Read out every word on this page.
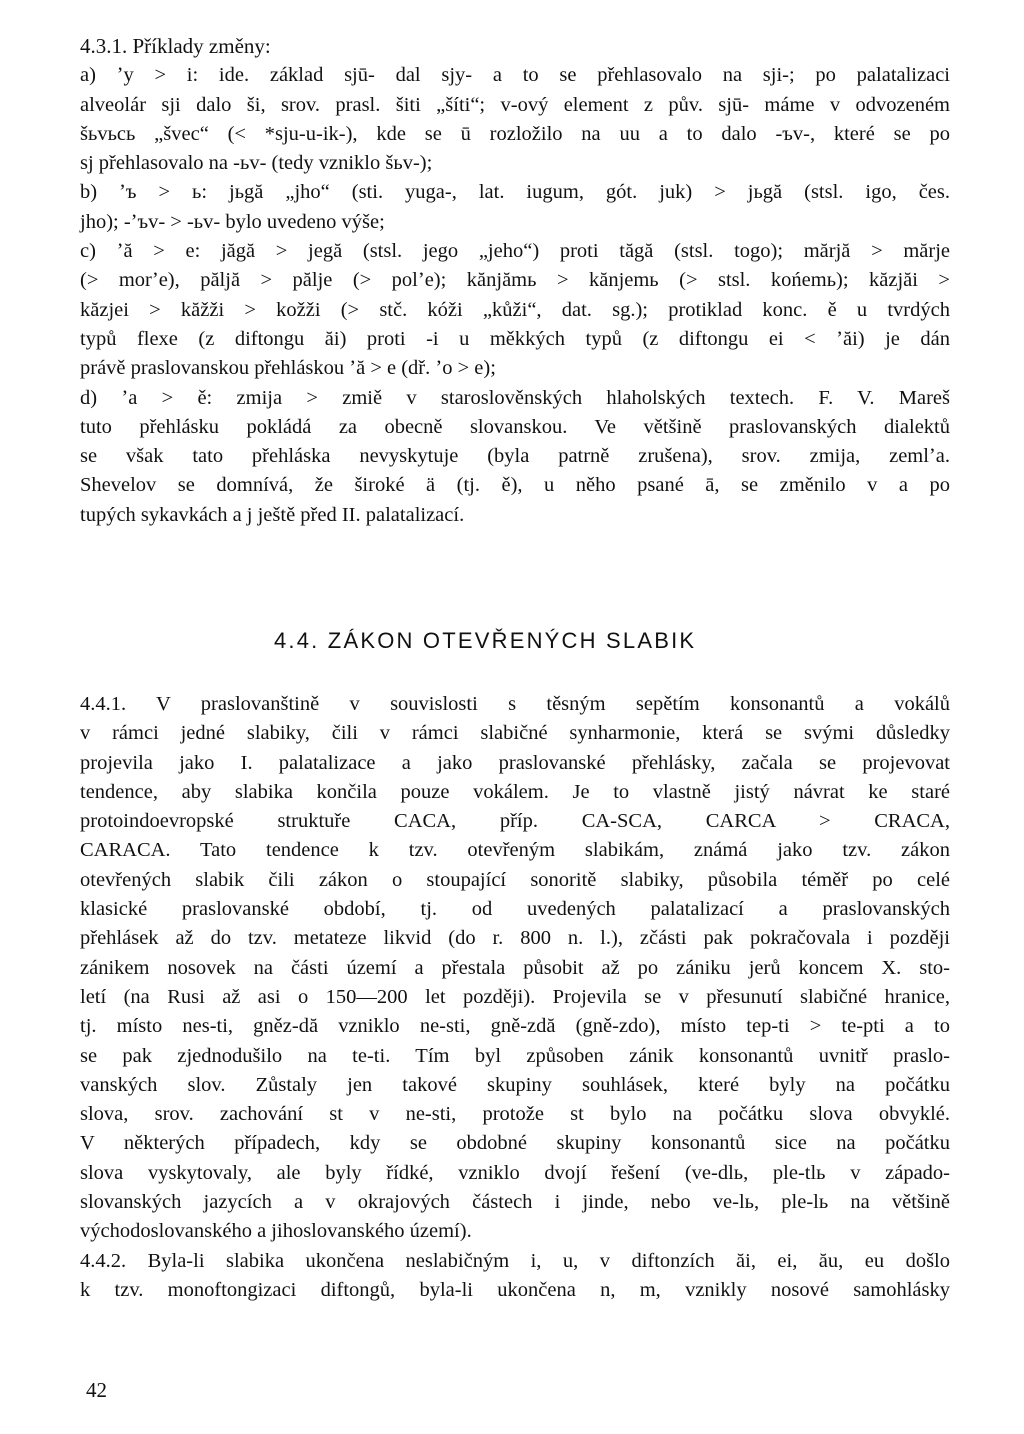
4.3.1. Příklady změny:

a) ʼy > i: ide. základ sjū- dal sjy- a to se přehlasovalo na sji-; po palatalizaci

alveolár sji dalo ši, srov. prasl. šiti „šíti“; v-ový element z pův. sjū- máme v odvozeném

šьvьcь „švec“ (< *sju-u-ik-), kde se ū rozložilo na uu a to dalo -ъv-, které se po

sj přehlasovalo na -ьv- (tedy vzniklo šьv-);

b) ʼъ > ь: jьgă „jho“ (sti. yuga-, lat. iugum, gót. juk) > jьgă (stsl. igo, čes.

jho); -ʼъv- > -ьv- bylo uvedeno výše;

c) ʼă > e: jăgă > jegă (stsl. jego „jeho“) proti tăgă (stsl. togo); mărjă > mărje

(> morʼe), păljă > pălje (> polʼe); kănjămь > kănjemь (> stsl. końemь); kăzjăi >

kăzjei > kăžži > kožži (> stč. kóži „kůži“, dat. sg.); protiklad konc. ě u tvrdých

typů flexe (z diftongu ăi) proti -i u měkkých typů (z diftongu ei < ʼăi) je dán

právě praslovanskou přehláskou ʼă > e (dř. ʼo > e);

d) ʼa > ě: zmija > zmiě v staroslověnských hlaholských textech. F. V. Mareš

tuto přehlásku pokládá za obecně slovanskou. Ve většině praslovanských dialektů

se však tato přehláska nevyskytuje (byla patrně zrušena), srov. zmija, zemlʼa.

Shevelov se domnívá, že široké ä (tj. ě), u něho psané ā, se změnilo v a po

tupých sykavkách a j ještě před II. palatalizací.

4.4. ZÁKON OTEVŘENÝCH SLABIK

4.4.1. V praslovanštině v souvislosti s těsným sepětím konsonantů a vokálů

v rámci jedné slabiky, čili v rámci slabičné synharmonie, která se svými důsledky

projevila jako I. palatalizace a jako praslovanské přehlásky, začala se projevovat

tendence, aby slabika končila pouze vokálem. Je to vlastně jistý návrat ke staré

protoindoevropské struktuře CACA, příp. CA-SCA, CARCA > CRACA,

CARACA. Tato tendence k tzv. otevřeným slabikám, známá jako tzv. zákon

otevřených slabik čili zákon o stoupající sonoritě slabiky, působila téměř po celé

klasické praslovanské období, tj. od uvedených palatalizací a praslovanských

přehlásek až do tzv. metateze likvid (do r. 800 n. l.), zčásti pak pokračovala i později

zánikem nosovek na části území a přestala působit až po zániku jerů koncem X. sto-

letí (na Rusi až asi o 150—200 let později). Projevila se v přesunutí slabičné hranice,

tj. místo nes-ti, gněz-dă vzniklo ne-sti, gně-zdă (gně-zdo), místo tep-ti > te-pti a to

se pak zjednodušilo na te-ti. Tím byl způsoben zánik konsonantů uvnitř praslo-

vanských slov. Zůstaly jen takové skupiny souhlásek, které byly na počátku

slova, srov. zachování st v ne-sti, protože st bylo na počátku slova obvyklé.

V některých případech, kdy se obdobné skupiny konsonantů sice na počátku

slova vyskytovaly, ale byly řídké, vzniklo dvojí řešení (ve-dlь, ple-tlь v západo-

slovanských jazycích a v okrajových částech i jinde, nebo ve-lь, ple-lь na většině

východoslovanského a jihoslovanského území).

4.4.2. Byla-li slabika ukončena neslabičným i, u, v diftonzích ăi, ei, ău, eu došlo

k tzv. monoftongizaci diftongů, byla-li ukončena n, m, vznikly nosové samohlásky

42
